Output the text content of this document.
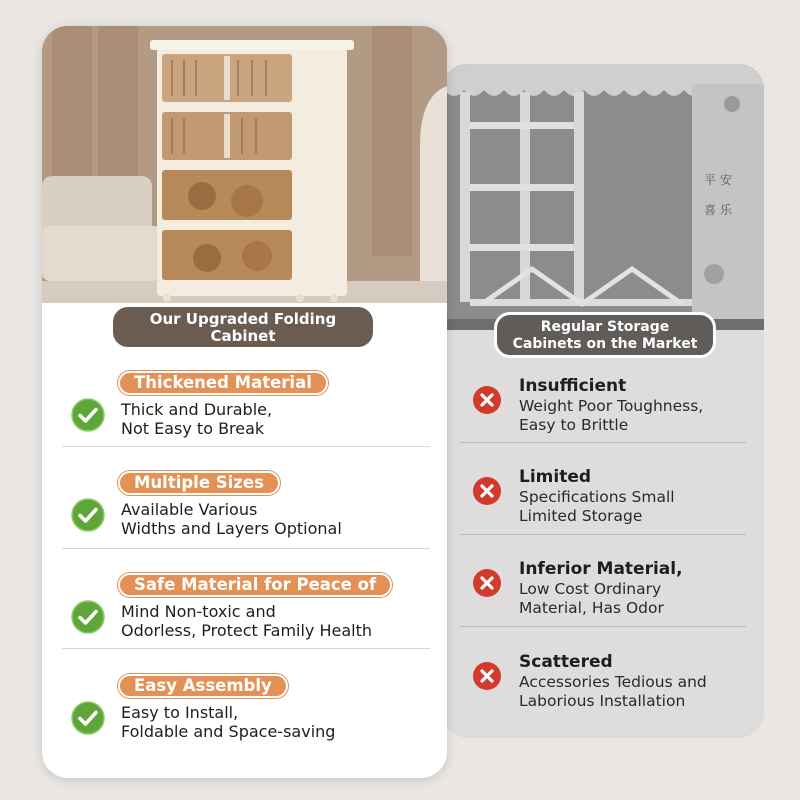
平 安
喜 乐
Regular Storage
Cabinets on the Market
Insufficient
Weight Poor Toughness,
Easy to Brittle
Limited
Specifications Small
Limited Storage
Inferior Material,
Low Cost Ordinary
Material, Has Odor
Scattered
Accessories Tedious and
Laborious Installation
Our Upgraded Folding
Cabinet
Thickened Material
Thick and Durable,
Not Easy to Break
Multiple Sizes
Available Various
Widths and Layers Optional
Safe Material for Peace of
Mind Non-toxic and
Odorless, Protect Family Health
Easy Assembly
Easy to Install,
Foldable and Space-saving
